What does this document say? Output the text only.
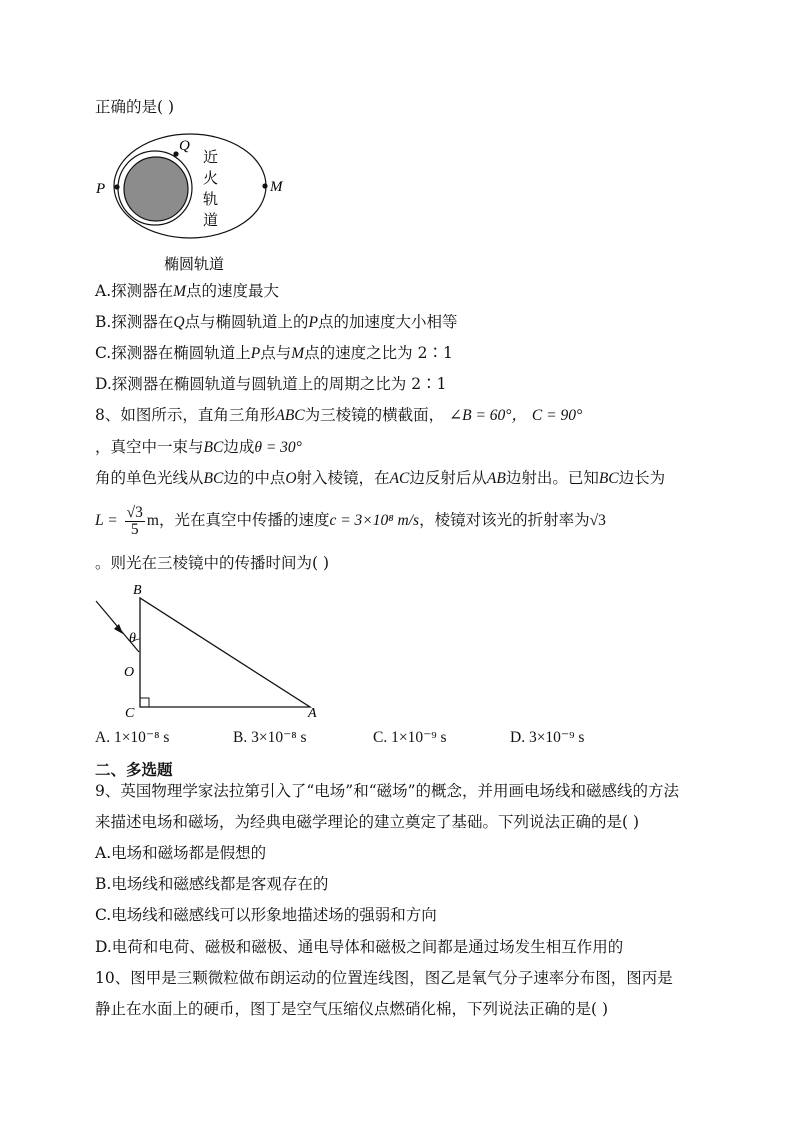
正确的是( )
Q
P	M
近
火
轨
道
椭圆轨道
A.探测器在M点的速度最大
B.探测器在Q点与椭圆轨道上的P点的加速度大小相等
C.探测器在椭圆轨道上P点与M点的速度之比为 2∶1
D.探测器在椭圆轨道与圆轨道上的周期之比为 2∶1
8、如图所示，直角三角形ABC为三棱镜的横截面， ∠B = 60°， C = 90°
，真空中一束与BC边成θ = 30°
角的单色光线从BC边的中点O射入棱镜，在AC边反射后从AB边射出。已知BC边长为
$L = \frac{√3}{5}$ m，光在真空中传播的速度c = 3×10⁸ m/s，棱镜对该光的折射率为√3
。则光在三棱镜中的传播时间为( )
B
θ
O
C	A
A. 1×10⁻⁸ s	B. 3×10⁻⁸ s	C. 1×10⁻⁹ s	D. 3×10⁻⁹ s
二、多选题
9、英国物理学家法拉第引入了“电场”和“磁场”的概念，并用画电场线和磁感线的方法
来描述电场和磁场，为经典电磁学理论的建立奠定了基础。下列说法正确的是( )
A.电场和磁场都是假想的
B.电场线和磁感线都是客观存在的
C.电场线和磁感线可以形象地描述场的强弱和方向
D.电荷和电荷、磁极和磁极、通电导体和磁极之间都是通过场发生相互作用的
10、图甲是三颗微粒做布朗运动的位置连线图，图乙是氧气分子速率分布图，图丙是
静止在水面上的硬币，图丁是空气压缩仪点燃硝化棉，下列说法正确的是( )
